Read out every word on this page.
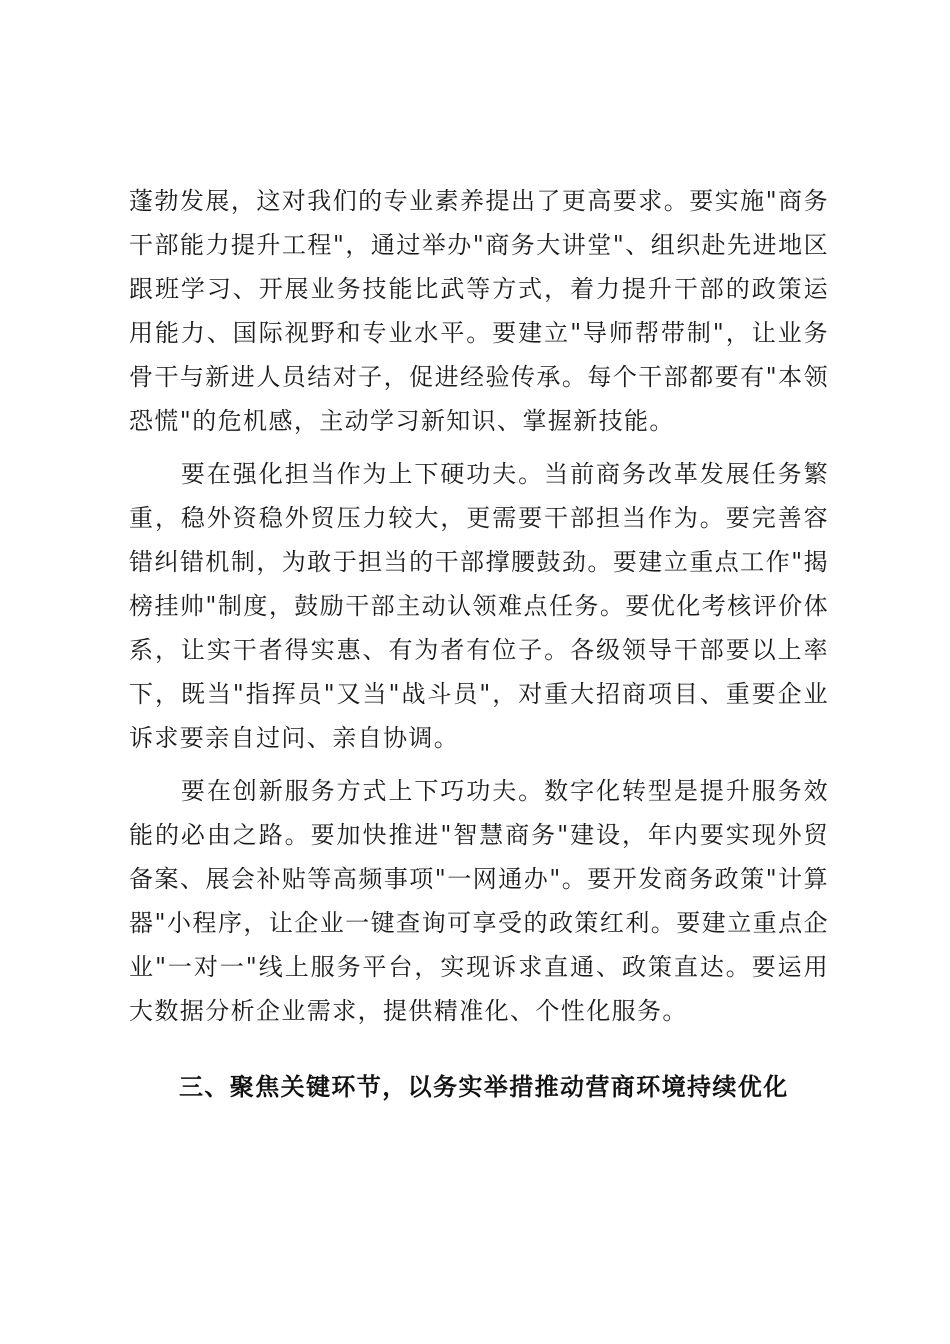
蓬勃发展，这对我们的专业素养提出了更高要求。要实施"商务
干部能力提升工程"，通过举办"商务大讲堂"、组织赴先进地区
跟班学习、开展业务技能比武等方式，着力提升干部的政策运
用能力、国际视野和专业水平。要建立"导师帮带制"，让业务
骨干与新进人员结对子，促进经验传承。每个干部都要有"本领
恐慌"的危机感，主动学习新知识、掌握新技能。
　　要在强化担当作为上下硬功夫。当前商务改革发展任务繁
重，稳外资稳外贸压力较大，更需要干部担当作为。要完善容
错纠错机制，为敢于担当的干部撑腰鼓劲。要建立重点工作"揭
榜挂帅"制度，鼓励干部主动认领难点任务。要优化考核评价体
系，让实干者得实惠、有为者有位子。各级领导干部要以上率
下，既当"指挥员"又当"战斗员"，对重大招商项目、重要企业
诉求要亲自过问、亲自协调。
　　要在创新服务方式上下巧功夫。数字化转型是提升服务效
能的必由之路。要加快推进"智慧商务"建设，年内要实现外贸
备案、展会补贴等高频事项"一网通办"。要开发商务政策"计算
器"小程序，让企业一键查询可享受的政策红利。要建立重点企
业"一对一"线上服务平台，实现诉求直通、政策直达。要运用
大数据分析企业需求，提供精准化、个性化服务。
三、聚焦关键环节，以务实举措推动营商环境持续优化
